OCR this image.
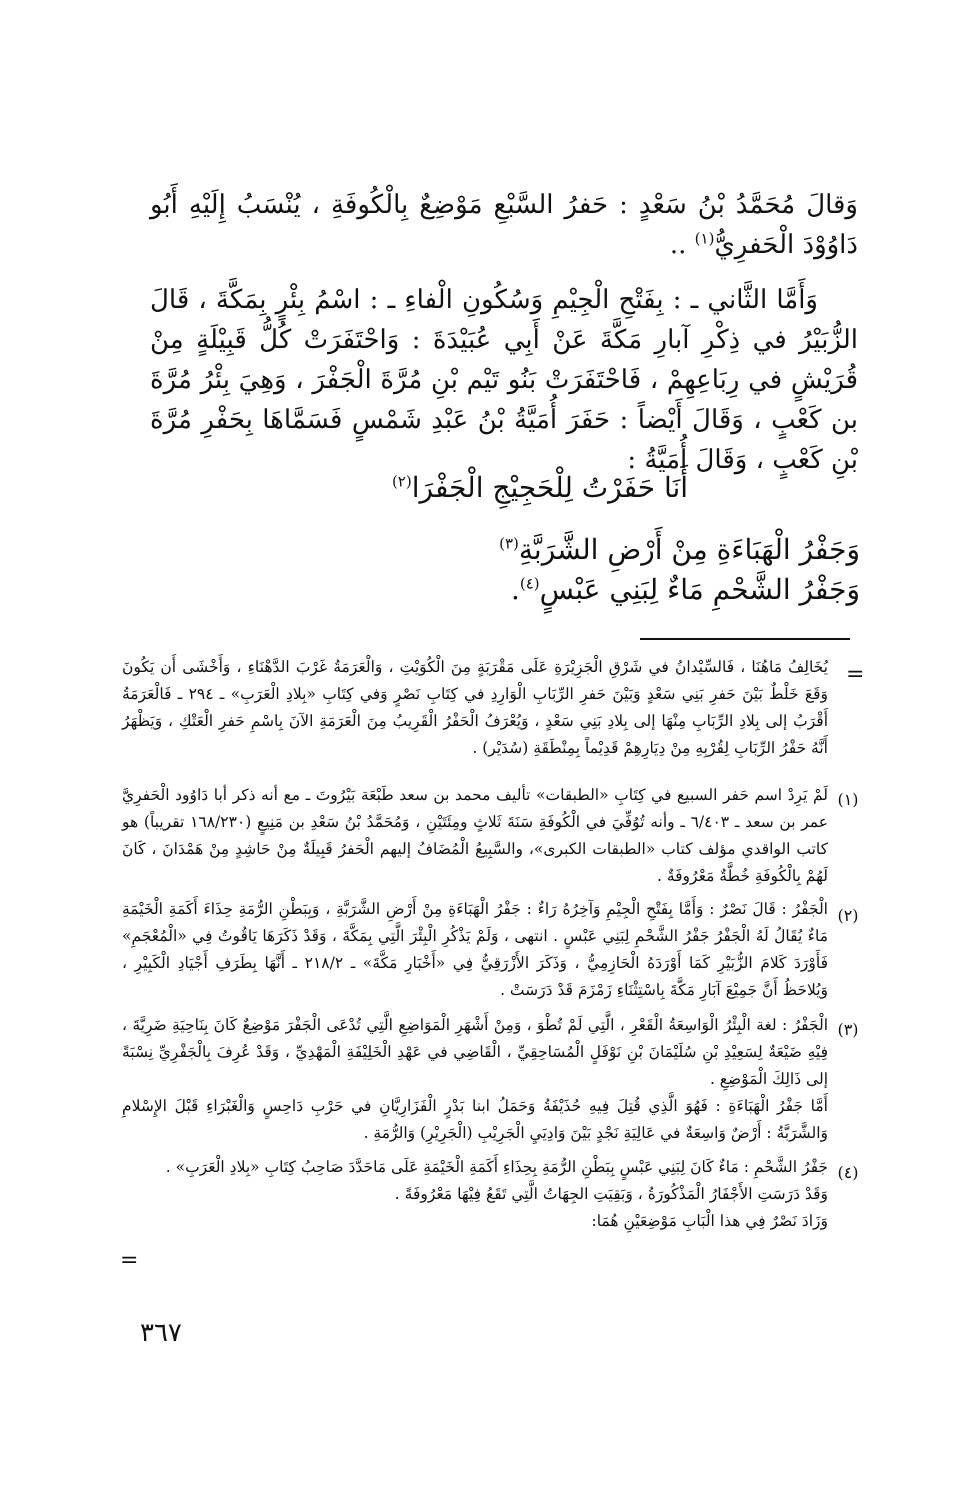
وَقالَ مُحَمَّدُ بْنُ سَعْدٍ : حَفرُ السَّبْعِ مَوْضِعٌ بِالْكُوفَةِ ، يُنْسَبُ إِلَيْهِ أَبُو دَاوُوْدَ الْحَفرِيُّ$^{(١)}$ ..

وَأَمَّا الثَّاني ـ : بِفَتْحِ الْجِيْمِ وَسُكُونِ الْفاءِ ـ : اسْمُ بِئْرٍ بِمَكَّةَ ، قَالَ الزُّبَيْرُ في ذِكْرِ آبارِ مَكَّةَ عَنْ أَبِي عُبَيْدَةَ : وَاحْتَفَرَتْ كُلُّ قَبِيْلَةٍ مِنْ قُرَيْشٍ في رِبَاعِهِمْ ، فَاحْتَفَرَتْ بَنُو تَيْم بْنِ مُرَّةَ الْجَفْرَ ، وَهِيَ بِئْرُ مُرَّةَ بن كَعْبٍ ، وَقَالَ أَيْضاً : حَفَرَ أُمَيَّةُ بْنُ عَبْدِ شَمْسٍ فَسَمَّاهَا بِحَفْرِ مُرَّةَ بْنِ كَعْبٍ ، وَقَالَ أُمَيَّةُ :

أَنَا حَفَرْتُ لِلْحَجِيْجِ الْجَفْرَا$^{(٢)}$
وَجَفْرُ الْهَبَاءَةِ مِنْ أَرْضِ الشَّرَبَّةِ$^{(٣)}$
وَجَفْرُ الشَّحْمِ مَاءٌ لِبَنِي عَبْسٍ$^{(٤)}$.
=

يُخَالِفُ مَاهُنَا ، فَالسِّيْدانُ في شَرْقِ الْجَزِيْرَةِ عَلَى مَقْرَبَةٍ مِنَ الْكُوَيْتِ ، وَالْعَرَمَةُ غَرْبَ الدَّهْنَاءِ ، وَأَخْشَى أَن يَكُونَ وَقَعَ خَلْطٌ بَيْنَ حَفرِ بَنِي سَعْدٍ وَبَيْنَ حَفرِ الرِّبَابِ الْوَارِدِ في كِتَابِ نَصْرٍ وَفي كِتَابِ «بِلادِ الْعَرَبِ» ـ ٢٩٤ ـ فَالْعَرَمَةُ أَقْرَبُ إلى بِلادِ الرِّبَابِ مِنْهَا إلى بِلادِ بَنِي سَعْدٍ ، وَيُعْرَفُ الْحَفْرُ الْقَرِيبُ مِنَ الْعَرَمَةِ الآنَ بِاسْمِ حَفرِ الْعَتْكِ ، وَيَظْهَرُ أَنَّهُ حَفْرُ الرِّبَابِ لِقُرْبِهِ مِنْ دِيَارِهِمْ قَدِيْماً بِمِنْطَقَةِ (سُدَيْر) .

(١)

لَمْ يَرِدْ اسم حَفر السبيع في كِتَابِ «الطبقات» تأليف محمد بن سعد طَبْعَة بَيْرُوتَ ـ مع أنه ذكر أبا دَاوُود الْحَفرِيَّ عمر بن سعد ـ ٦/٤٠٣ ـ وأنه تُوُفِّيَ في الْكُوفَةِ سَنَةَ ثَلاثٍ ومِئَتَيْنِ ، وَمُحَمَّدُ بْنُ سَعْدِ بن مَنِيعٍ (١٦٨/٢٣٠ تقريباً) هو كاتب الواقدي مؤلف كتاب «الطبقات الكبرى»، والسَّبِيعُ الْمُضَافُ إليهم الْحَفرُ قَبِيلَةٌ مِنْ حَاشِدٍ مِنْ هَمْدَانَ ، كَانَ لَهُمْ بِالْكُوفَةِ خُطَّةٌ مَعْرُوفَةٌ .

(٢)

الْجَفْرُ : قَالَ نَصْرٌ : وَأَمَّا بِفَتْحِ الْجِيْمِ وَآخِرُهُ رَاءٌ : جَفْرُ الْهَبَاءَةِ مِنْ أَرْضِ الشَّرَبَّةِ ، وَبِبَطْنِ الرُّمَةِ حِذَاءَ أَكَمَةِ الْخَيْمَةِ مَاءٌ يُقَالُ لَهُ الْجَفْرُ جَفْرُ الشَّحْمِ لِبَنِي عَبْسٍ . انتهى ، وَلَمْ يَذْكُرِ الْبِئْرَ الَّتِي بِمَكَّةَ ، وَقَدْ ذَكَرَهَا يَاقُوتُ فِي «الْمُعْجَمِ» فَأَوْرَدَ كَلامَ الزُّبَيْرِ كَمَا أَوْرَدَهُ الْحَازِمِيُّ ، وَذَكَرَ الأَزْرَقِيُّ فِي «أَخْبَارِ مَكَّةَ» ـ ٢١٨/٢ ـ أَنَّهَا بِطَرَفِ أَجْيَادِ الْكَبِيْرِ ، وَيُلاحَظُ أَنَّ جَمِيْعَ آبَارِ مَكَّةَ بِاسْتِثْنَاءِ زَمْزَمَ قَدْ دَرَسَتْ .

(٣)

الْجَفْرُ : لغة الْبِئْرُ الْوَاسِعَةُ الْقَعْرِ ، الَّتِي لَمْ تُطْوَ ، وَمِنْ أَشْهَرِ الْمَوَاضِعِ الَّتِي تُدْعَى الْجَفْرَ مَوْضِعٌ كَانَ بِنَاحِيَةِ ضَرِيَّةَ ، فِيْهِ ضَيْعَةٌ لِسَعِيْدِ بْنِ سُلَيْمَانَ بْنِ نَوْفَلٍ الْمُسَاحِقِيِّ ، الْقَاضِي في عَهْدِ الْخَلِيْفَةِ الْمَهْدِيِّ ، وَقَدْ عُرِفَ بِالْجَفْرِيِّ نِسْبَةً إلى ذَالِكَ الْمَوْضِعِ .

أَمَّا جَفْرُ الْهَبَاءَةِ : فَهُوَ الَّذِي قُتِلَ فِيهِ حُذَيْفَةُ وَحَمَلُ ابنا بَدْرٍ الْفَزَارِيَّانِ في حَرْبِ دَاحِسٍ وَالْغَبْرَاءِ قَبْلَ الإِسْلامِ وَالشَّرَبَّةُ : أَرْضٌ وَاسِعَةٌ في عَالِيَةِ نَجْدٍ بَيْنَ وَادِيَيِ الْجَرِيْبِ (الْجَرِيْرِ) وَالرُّمَةِ .

(٤)

جَفْرُ الشَّحْمِ : مَاءٌ كَانَ لِبَنِي عَبْسٍ بِبَطْنِ الرُّمَةِ بِحِذَاءِ أَكَمَةِ الْخَيْمَةِ عَلَى مَاحَدَّدَ صَاحِبُ كِتَابِ «بِلادِ الْعَرَبِ» .

وَقَدْ دَرَسَتِ الأَجْفَارُ الْمَذْكُورَةُ ، وَبَقِيَتِ الجِهَاتُ الَّتِي تَقَعُ فِيْهَا مَعْرُوفَةً .

وَزَادَ نَصْرٌ فِي هذا الْبَابِ مَوْضِعَيْنِ هُمَا:

=
٣٦٧
